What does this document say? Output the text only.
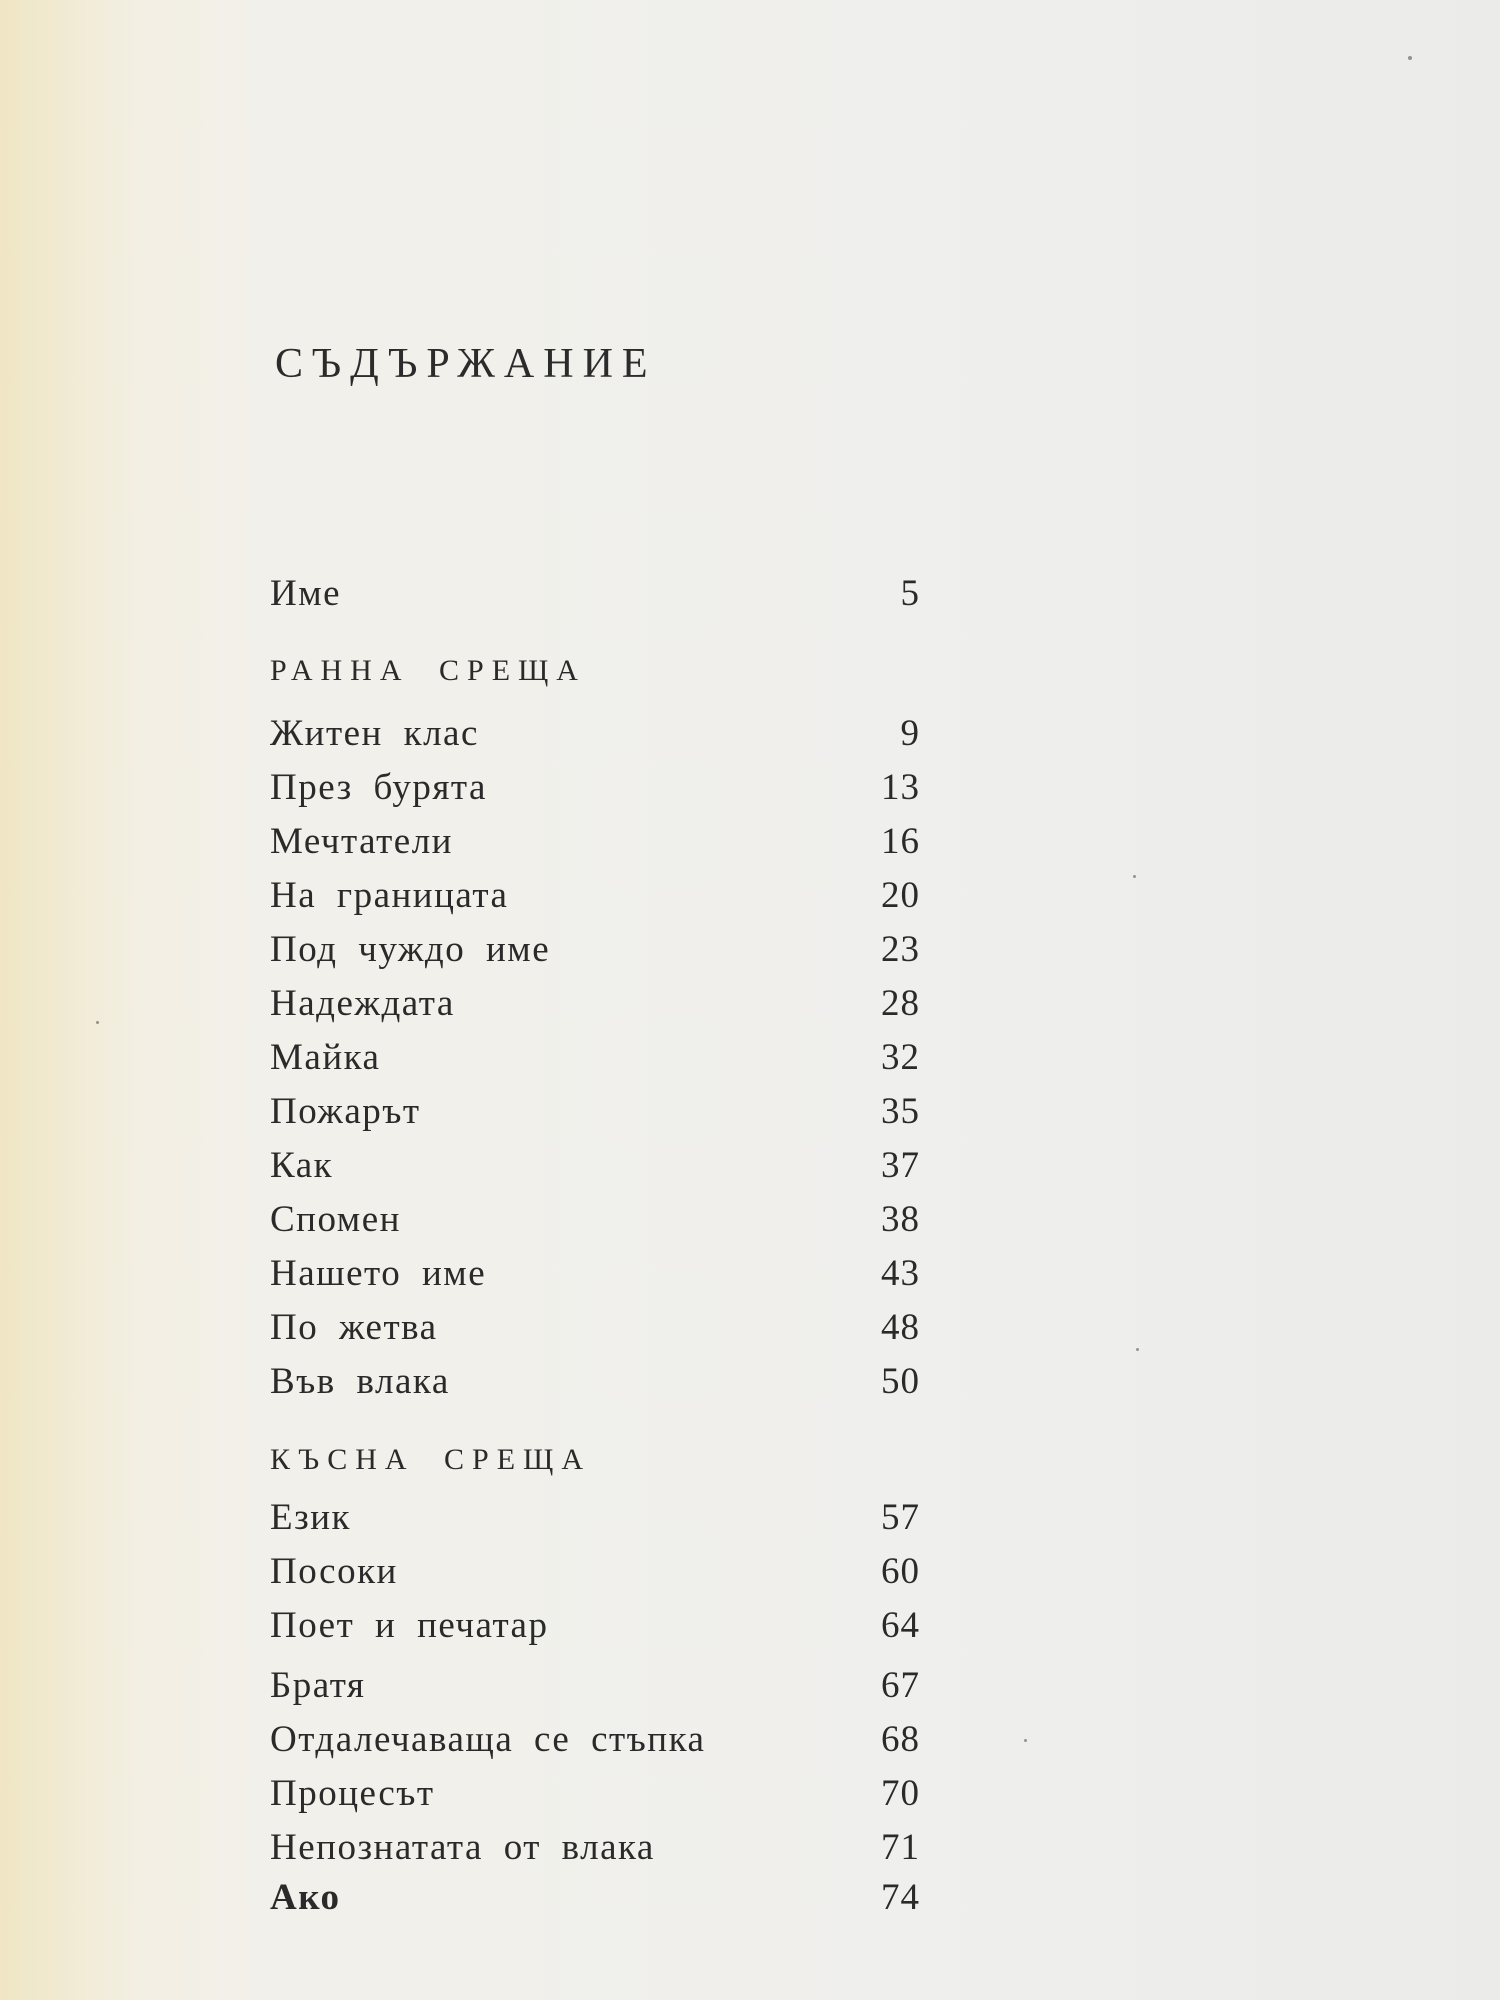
СЪДЪРЖАНИЕ
Име	5
РАННА СРЕЩА
Житен клас	9
През бурята	13
Мечтатели	16
На границата	20
Под чуждо име	23
Надеждата	28
Майка	32
Пожарът	35
Как	37
Спомен	38
Нашето име	43
По жетва	48
Във влака	50
КЪСНА СРЕЩА
Език	57
Посоки	60
Поет и печатар	64
Братя	67
Отдалечаваща се стъпка	68
Процесът	70
Непознатата от влака	71
Ако	74
